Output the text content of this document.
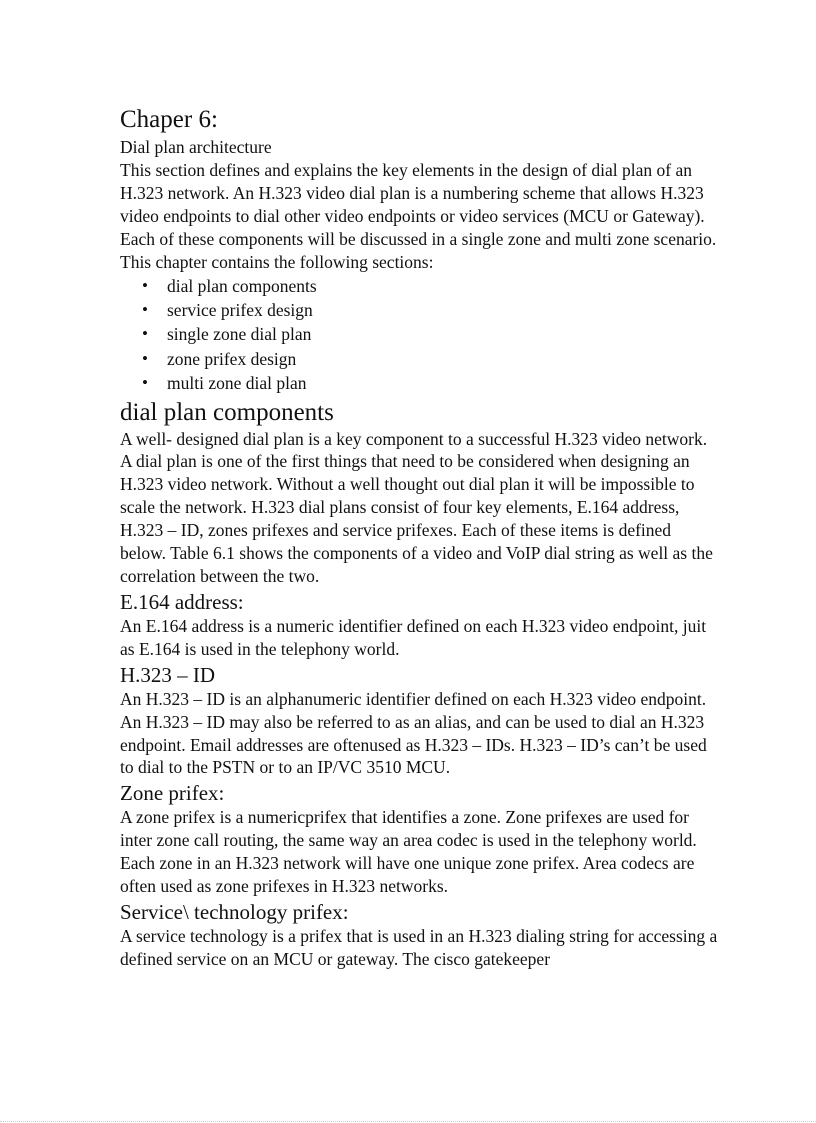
Chaper 6:
Dial plan architecture

This section defines and explains the key elements in the design of dial plan of an H.323 network. An H.323 video dial plan is a numbering scheme that allows H.323 video endpoints to dial other video endpoints or video services (MCU or Gateway). Each of these components will be discussed in a single zone and multi zone scenario.

This chapter contains the following sections:

• dial plan components
• service prifex design
• single zone dial plan
• zone prifex design
• multi zone dial plan
dial plan components

A well- designed dial plan is a key component to a successful H.323 video network. A dial plan is one of the first things that need to be considered when designing an H.323 video network. Without a well thought out dial plan it will be impossible to scale the network. H.323 dial plans consist of four key elements, E.164 address, H.323 – ID, zones prifexes and service prifexes. Each of these items is defined below. Table 6.1 shows the components of a video and VoIP dial string as well as the correlation between the two.

E.164 address:

An E.164 address is a numeric identifier defined on each H.323 video endpoint, juit as E.164 is used in the telephony world.

H.323 – ID

An H.323 – ID is an alphanumeric identifier defined on each H.323 video endpoint. An H.323 – ID may also be referred to as an alias, and can be used to dial an H.323 endpoint. Email addresses are oftenused as H.323 – IDs. H.323 – ID’s can’t be used to dial to the PSTN or to an IP/VC 3510 MCU.

Zone prifex:

A zone prifex is a numericprifex that identifies a zone. Zone prifexes are used for inter zone call routing, the same way an area codec is used in the telephony world. Each zone in an H.323 network will have one unique zone prifex. Area codecs are often used as zone prifexes in H.323 networks.

Service\ technology prifex:

A service technology is a prifex that is used in an H.323 dialing string for accessing a defined service on an MCU or gateway. The cisco gatekeeper
